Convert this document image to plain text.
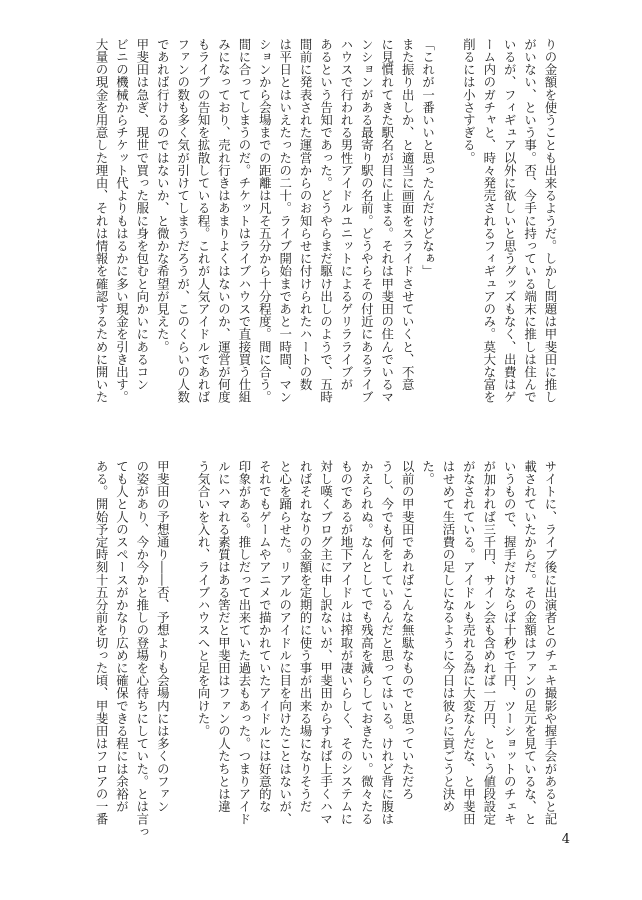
りの金額を使うことも出来るようだ。しかし問題は甲斐田に推し
がいない、という事。否、今手に持っている端末に推しは住んで
いるが、フィギュア以外に欲しいと思うグッズもなく、出費はゲ
ーム内のガチャと、時々発売されるフィギュアのみ。莫大な富を
削るには小さすぎる。

「これが一番いいと思ったんだけどなぁ」
また振り出しか、と適当に画面をスライドさせていくと、不意
に見慣れてきた駅名が目に止まる。それは甲斐田の住んでいるマ
ンションがある最寄り駅の名前。どうやらその付近にあるライブ
ハウスで行われる男性アイドルユニットによるゲリラライブが
あるという告知であった。どうやらまだ駆け出しのようで、五時
間前に発表された運営からのお知らせに付けられたハートの数
は平日とはいえたったの二十。ライブ開始まであと一時間、マン
ションから会場までの距離は凡そ五分から十分程度。間に合う。
間に合ってしまうのだ。チケットはライブハウスで直接買う仕組
みになっており、売れ行きはあまりよくはないのか、運営が何度
もライブの告知を拡散している程。これが人気アイドルであれば
ファンの数も多く気が引けてしまうだろうが、このくらいの人数
であれば行けるのではないか、と微かな希望が見えた。
甲斐田は急ぎ、現世で買った服に身を包むと向かいにあるコン
ビニの機械からチケット代よりもはるかに多い現金を引き出す。
大量の現金を用意した理由、それは情報を確認するために開いた
サイトに、ライブ後に出演者とのチェキ撮影や握手会があると記
載されていたからだ。その金額はファンの足元を見ているな、と
いうもので、握手だけならば十秒で千円、ツーショットのチェキ
が加われば三千円、サイン会も含めれば一万円、という値段設定
がなされている。アイドルも売れる為に大変なんだな、と甲斐田
はせめて生活費の足しになるように今日は彼らに貢ごうと決め
た。
以前の甲斐田であればこんな無駄なものでと思っていただろ
うし、今でも何をしているんだと思ってはいる。けれど背に腹は
かえられぬ。なんとしてでも残高を減らしておきたい。微々たる
ものであるが地下アイドルは搾取が凄いらしく、そのシステムに
対し嘆くブログ主に申し訳ないが、甲斐田からすれば上手くハマ
ればそれなりの金額を定期的に使う事が出来る場になりそうだ
と心を踊らせた。リアルのアイドルに目を向けたことはないが、
それでもゲームやアニメで描かれていたアイドルには好意的な
印象がある。推しだって出来ていた過去もあった。つまりアイド
ルにハマれる素質はある筈だと甲斐田はファンの人たちとは違
う気合いを入れ、ライブハウスへと足を向けた。

甲斐田の予想通り――否、予想よりも会場内には多くのファン
の姿があり、今か今かと推しの登場を心待ちにしていた。とは言っ
ても人と人のスペースがかなり広めに確保できる程には余裕が
ある。開始予定時刻十五分前を切った頃、甲斐田はフロアの一番
4
